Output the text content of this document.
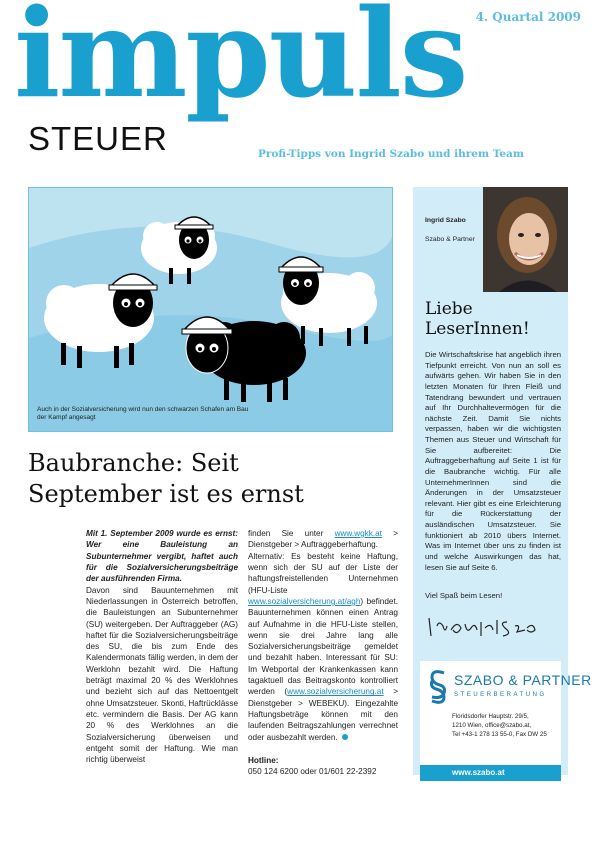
impuls
STEUER
4. Quartal 2009
Profi-Tipps von Ingrid Szabo und ihrem Team
Auch in der Sozialversicherung wird nun den schwarzen Schafen am Bau der Kampf angesagt
Baubranche: Seit
September ist es ernst

Mit 1. September 2009 wurde es ernst: Wer eine Bauleistung an Subunternehmer vergibt, haftet auch für die Sozialversicherungsbeiträge der ausführenden Firma.

Davon sind Bauunternehmen mit Niederlassungen in Österreich betroffen, die Bauleistungen an Subunternehmer (SU) weitergeben. Der Auftraggeber (AG) haftet für die Sozialversicherungsbeiträge des SU, die bis zum Ende des Kalendermonats fällig werden, in dem der Werklohn bezahlt wird. Die Haftung beträgt maximal 20 % des Werklohnes und bezieht sich auf das Nettoentgelt ohne Umsatzsteuer. Skonti, Haftrücklässe etc. vermindern die Basis. Der AG kann 20 % des Werklohnes an die Sozialversicherung überweisen und entgeht somit der Haftung. Wie man richtig überweist

finden Sie unter www.wgkk.at > Dienstgeber > Auftraggeberhaftung.

Alternativ: Es besteht keine Haftung, wenn sich der SU auf der Liste der haftungsfreistellenden Unternehmen (HFU-Liste www.sozialversicherung.at/agh) befindet. Bauunternehmen können einen Antrag auf Aufnahme in die HFU-Liste stellen, wenn sie drei Jahre lang alle Sozialversicherungsbeiträge gemeldet und bezahlt haben. Interessant für SU: Im Webportal der Krankenkassen kann tagaktuell das Beitragskonto kontrolliert werden (www.sozialversicherung.at > Dienstgeber > WEBEKU). Eingezahlte Haftungsbeträge können mit den laufenden Beitragszahlungen verrechnet oder ausbezahlt werden.

Hotline:

050 124 6200 oder 01/601 22-2392

Ingrid Szabo
Szabo & Partner
Liebe
LeserInnen!
Die Wirtschaftskrise hat angeblich ihren Tiefpunkt erreicht. Von nun an soll es aufwärts gehen. Wir haben Sie in den letzten Monaten für Ihren Fleiß und Tatendrang bewundert und vertrauen auf Ihr Durchhaltevermögen für die nächste Zeit. Damit Sie nichts verpassen, haben wir die wichtigsten Themen aus Steuer und Wirtschaft für Sie aufbereitet: Die Auftraggeberhaftung auf Seite 1 ist für die Baubranche wichtig. Für alle UnternehmerInnen sind die Änderungen in der Umsatzsteuer relevant. Hier gibt es eine Erleichterung für die Rückerstattung der ausländischen Umsatzsteuer. Sie funktioniert ab 2010 übers Internet. Was im Internet über uns zu finden ist und welche Auswirkungen das hat, lesen Sie auf Seite 6.
Viel Spaß beim Lesen!
SZABO & PARTNER
STEUERBERATUNG
Floridsdorfer Hauptstr. 29/5,
1210 Wien, office@szabo.at,
Tel +43-1 278 13 55-0, Fax DW 25
www.szabo.at
